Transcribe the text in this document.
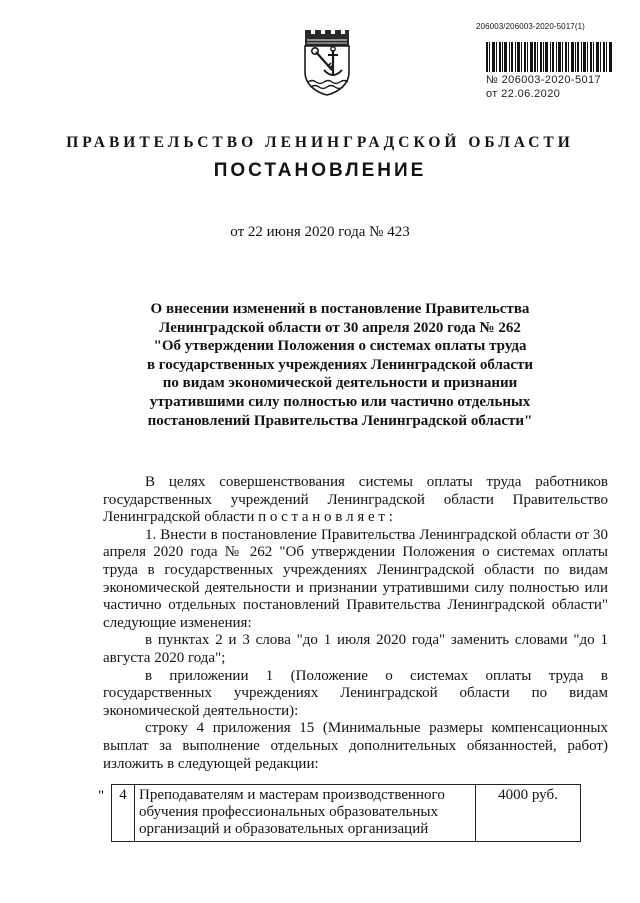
206003/206003-2020-5017(1)
№ 206003-2020-5017
от 22.06.2020
ПРАВИТЕЛЬСТВО ЛЕНИНГРАДСКОЙ ОБЛАСТИ
ПОСТАНОВЛЕНИЕ
от 22 июня 2020 года № 423
О внесении изменений в постановление Правительства
Ленинградской области от 30 апреля 2020 года № 262
"Об утверждении Положения о системах оплаты труда
в государственных учреждениях Ленинградской области
по видам экономической деятельности и признании
утратившими силу полностью или частично отдельных
постановлений Правительства Ленинградской области"

В целях совершенствования системы оплаты труда работников государственных учреждений Ленинградской области Правительство Ленинградской области п о с т а н о в л я е т :

1. Внести в постановление Правительства Ленинградской области от 30 апреля 2020 года № 262 "Об утверждении Положения о системах оплаты труда в государственных учреждениях Ленинградской области по видам экономической деятельности и признании утратившими силу полностью или частично отдельных постановлений Правительства Ленинградской области" следующие изменения:

в пунктах 2 и 3 слова "до 1 июля 2020 года" заменить словами "до 1 августа 2020 года";

в приложении 1 (Положение о системах оплаты труда в государственных учреждениях Ленинградской области по видам экономической деятельности):

строку 4 приложения 15 (Минимальные размеры компенсационных выплат за выполнение отдельных дополнительных обязанностей, работ) изложить в следующей редакции:

" 4	Преподавателям и мастерам производственного обучения профессиональных образовательных организаций и образовательных организаций	4000 руб.
